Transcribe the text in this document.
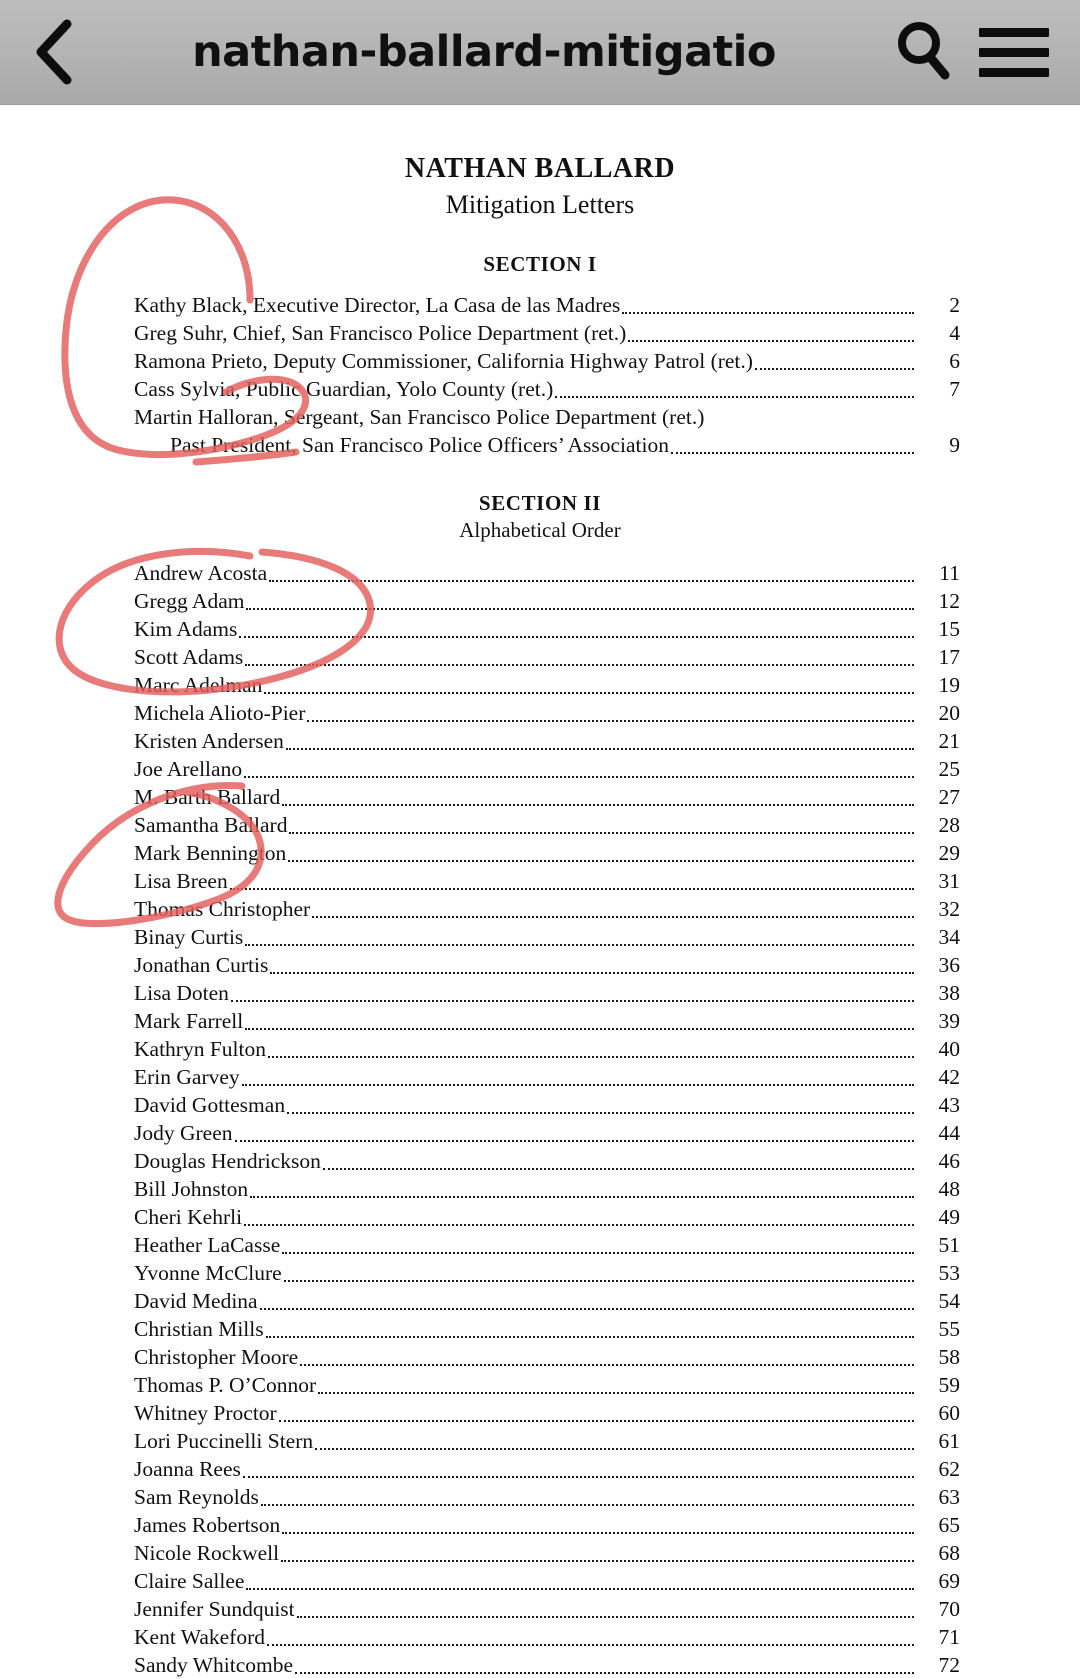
nathan-ballard-mitigatio
NATHAN BALLARD
Mitigation Letters
SECTION I
Kathy Black, Executive Director, La Casa de las Madres	2
Greg Suhr, Chief, San Francisco Police Department (ret.)	4
Ramona Prieto, Deputy Commissioner, California Highway Patrol (ret.)	6
Cass Sylvia, Public Guardian, Yolo County (ret.)	7
Martin Halloran, Sergeant, San Francisco Police Department (ret.)
Past President, San Francisco Police Officers’ Association	9
SECTION II
Alphabetical Order
Andrew Acosta	11
Gregg Adam	12
Kim Adams	15
Scott Adams	17
Marc Adelman	19
Michela Alioto-Pier	20
Kristen Andersen	21
Joe Arellano	25
M. Barth Ballard	27
Samantha Ballard	28
Mark Bennington	29
Lisa Breen	31
Thomas Christopher	32
Binay Curtis	34
Jonathan Curtis	36
Lisa Doten	38
Mark Farrell	39
Kathryn Fulton	40
Erin Garvey	42
David Gottesman	43
Jody Green	44
Douglas Hendrickson	46
Bill Johnston	48
Cheri Kehrli	49
Heather LaCasse	51
Yvonne McClure	53
David Medina	54
Christian Mills	55
Christopher Moore	58
Thomas P. O’Connor	59
Whitney Proctor	60
Lori Puccinelli Stern	61
Joanna Rees	62
Sam Reynolds	63
James Robertson	65
Nicole Rockwell	68
Claire Sallee	69
Jennifer Sundquist	70
Kent Wakeford	71
Sandy Whitcombe	72
